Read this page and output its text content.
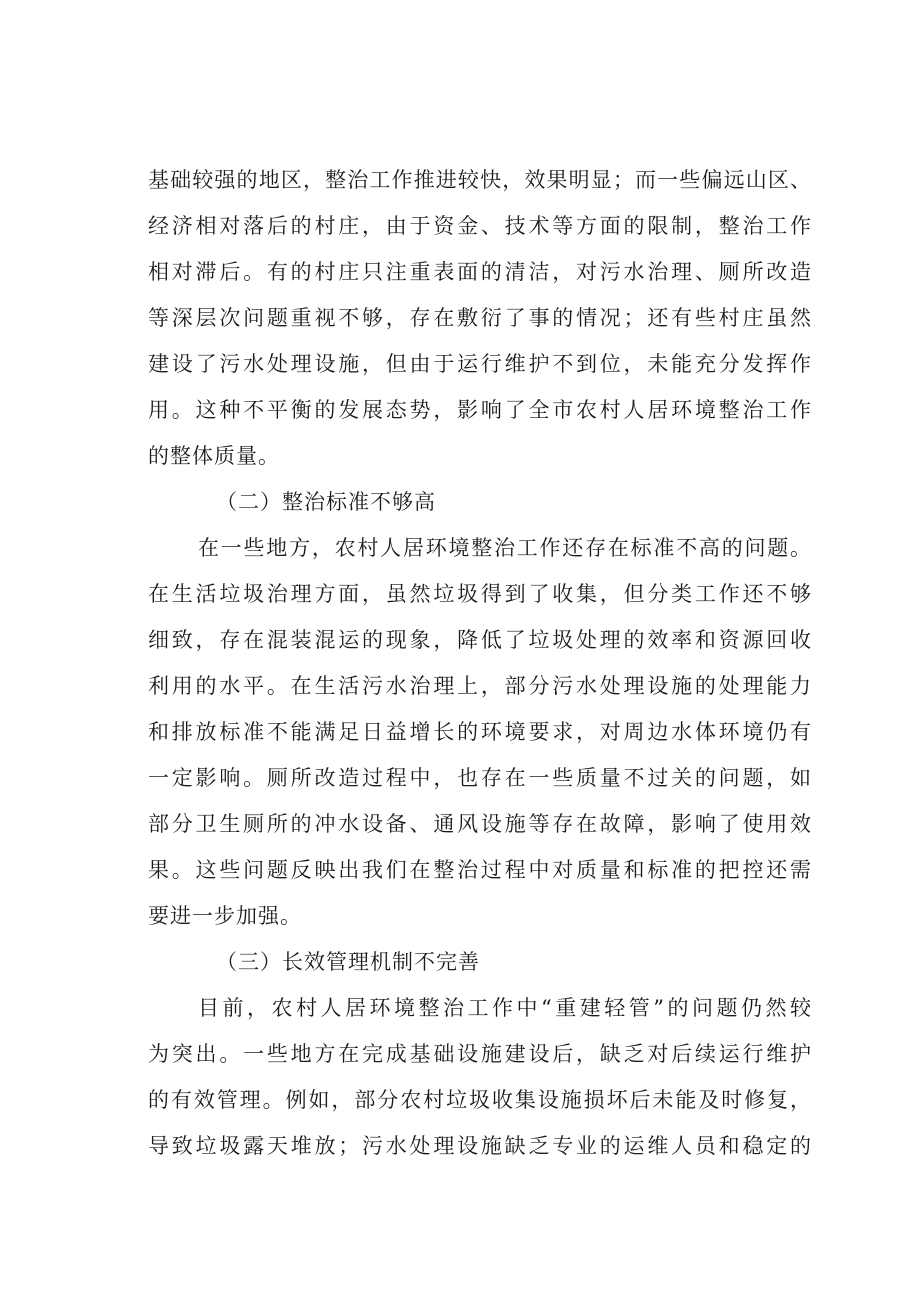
基础较强的地区，整治工作推进较快，效果明显；而一些偏远山区、
经济相对落后的村庄，由于资金、技术等方面的限制，整治工作
相对滞后。有的村庄只注重表面的清洁，对污水治理、厕所改造
等深层次问题重视不够，存在敷衍了事的情况；还有些村庄虽然
建设了污水处理设施，但由于运行维护不到位，未能充分发挥作
用。这种不平衡的发展态势，影响了全市农村人居环境整治工作
的整体质量。
（二）整治标准不够高
在一些地方，农村人居环境整治工作还存在标准不高的问题。
在生活垃圾治理方面，虽然垃圾得到了收集，但分类工作还不够
细致，存在混装混运的现象，降低了垃圾处理的效率和资源回收
利用的水平。在生活污水治理上，部分污水处理设施的处理能力
和排放标准不能满足日益增长的环境要求，对周边水体环境仍有
一定影响。厕所改造过程中，也存在一些质量不过关的问题，如
部分卫生厕所的冲水设备、通风设施等存在故障，影响了使用效
果。这些问题反映出我们在整治过程中对质量和标准的把控还需
要进一步加强。
（三）长效管理机制不完善
目前，农村人居环境整治工作中“重建轻管”的问题仍然较
为突出。一些地方在完成基础设施建设后，缺乏对后续运行维护
的有效管理。例如，部分农村垃圾收集设施损坏后未能及时修复，
导致垃圾露天堆放；污水处理设施缺乏专业的运维人员和稳定的
